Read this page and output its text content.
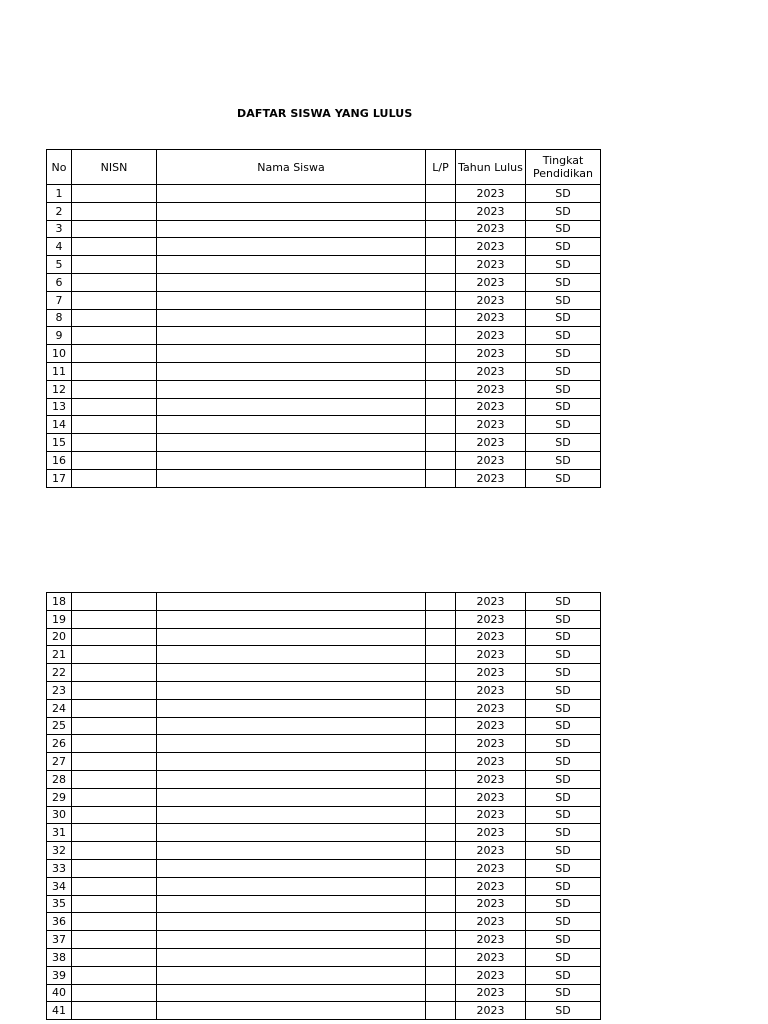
DAFTAR SISWA YANG LULUS
No	NISN	Nama Siswa	L/P	Tahun Lulus	Tingkat Pendidikan
1				2023	SD
2				2023	SD
3				2023	SD
4				2023	SD
5				2023	SD
6				2023	SD
7				2023	SD
8				2023	SD
9				2023	SD
10				2023	SD
11				2023	SD
12				2023	SD
13				2023	SD
14				2023	SD
15				2023	SD
16				2023	SD
17				2023	SD
18				2023	SD
19				2023	SD
20				2023	SD
21				2023	SD
22				2023	SD
23				2023	SD
24				2023	SD
25				2023	SD
26				2023	SD
27				2023	SD
28				2023	SD
29				2023	SD
30				2023	SD
31				2023	SD
32				2023	SD
33				2023	SD
34				2023	SD
35				2023	SD
36				2023	SD
37				2023	SD
38				2023	SD
39				2023	SD
40				2023	SD
41				2023	SD
